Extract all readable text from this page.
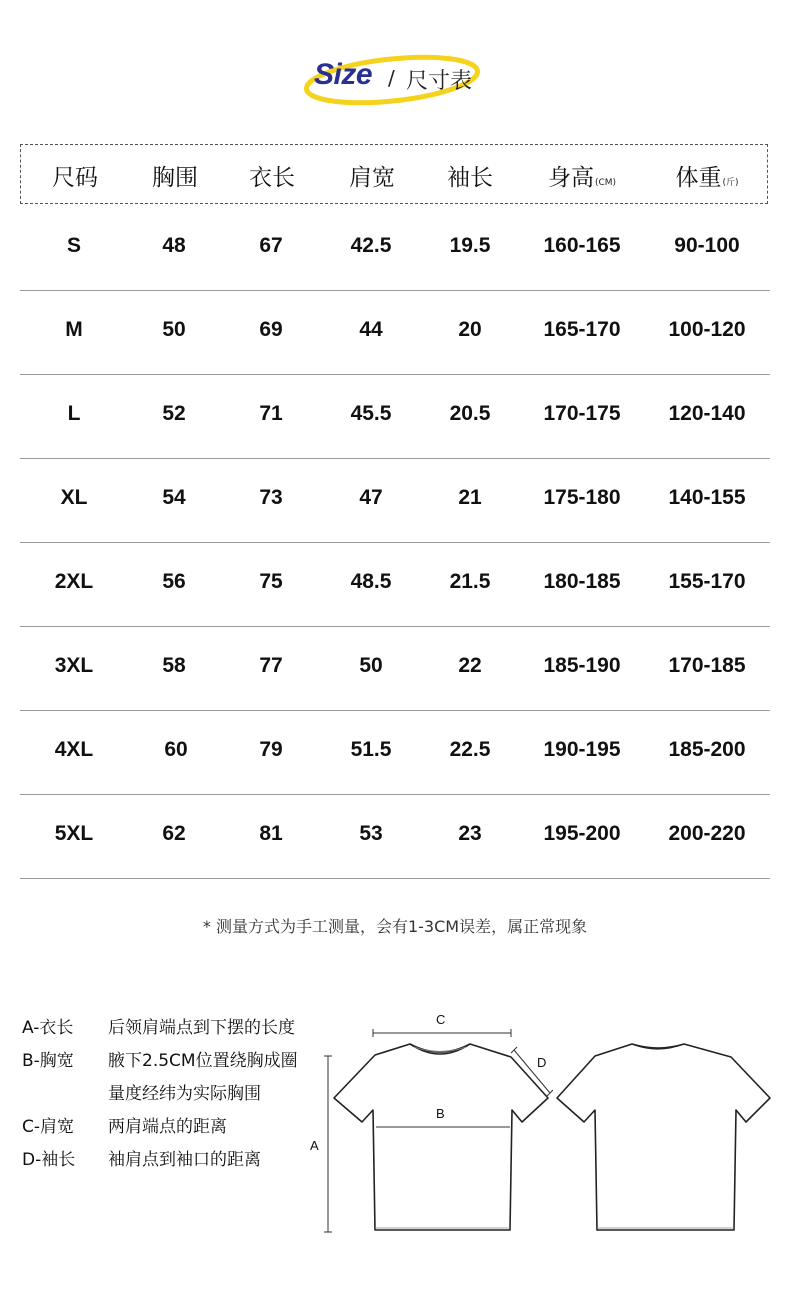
Size / 尺寸表
尺码 胸围 衣长 肩宽 袖长 身高(CM)	体重(斤)
S	48	67	42.5	19.5	160-165	90-100
M	50	69	44	20	165-170 100-120
L	52	71	45.5	20.5	170-175 120-140
XL	54	73	47	21	175-180 140-155
2XL	56	75	48.5	21.5	180-185 155-170
3XL	58	77	50	22	185-190 170-185
4XL	60	79	51.5	22.5	190-195 185-200
5XL	62	81	53	23	195-200 200-220
* 测量方式为手工测量，会有1-3CM误差，属正常现象
A-衣长 后领肩端点到下摆的长度
B-胸宽 腋下2.5CM位置绕胸成圈量度经纬为实际胸围
C-肩宽 两肩端点的距离
D-袖长 袖肩点到袖口的距离
C
D
B
A
